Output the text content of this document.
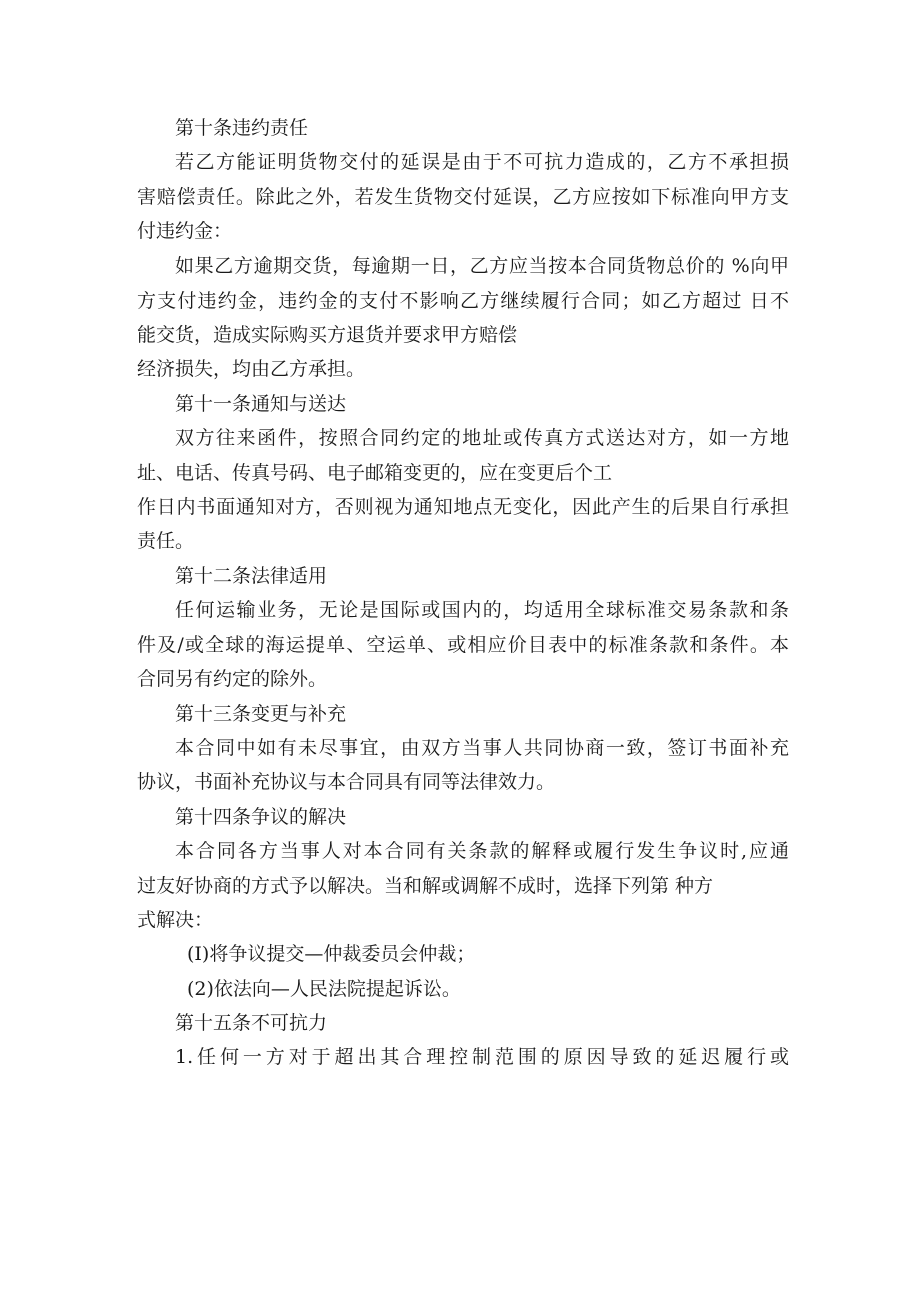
第十条违约责任
若乙方能证明货物交付的延误是由于不可抗力造成的，乙方不承担损
害赔偿责任。除此之外，若发生货物交付延误，乙方应按如下标准向甲方支
付违约金：
如果乙方逾期交货，每逾期一日，乙方应当按本合同货物总价的 %向甲
方支付违约金，违约金的支付不影响乙方继续履行合同；如乙方超过 日不
能交货，造成实际购买方退货并要求甲方赔偿
经济损失，均由乙方承担。
第十一条通知与送达
双方往来函件，按照合同约定的地址或传真方式送达对方，如一方地
址、电话、传真号码、电子邮箱变更的，应在变更后个工
作日内书面通知对方，否则视为通知地点无变化，因此产生的后果自行承担
责任。
第十二条法律适用
任何运输业务，无论是国际或国内的，均适用全球标准交易条款和条
件及/或全球的海运提单、空运单、或相应价目表中的标准条款和条件。本
合同另有约定的除外。
第十三条变更与补充
本合同中如有未尽事宜，由双方当事人共同协商一致，签订书面补充
协议，书面补充协议与本合同具有同等法律效力。
第十四条争议的解决
本合同各方当事人对本合同有关条款的解释或履行发生争议时,应通
过友好协商的方式予以解决。当和解或调解不成时，选择下列第 种方
式解决：
(I)将争议提交—仲裁委员会仲裁；
(2)依法向—人民法院提起诉讼。
第十五条不可抗力
1.任何一方对于超出其合理控制范围的原因导致的延迟履行或
